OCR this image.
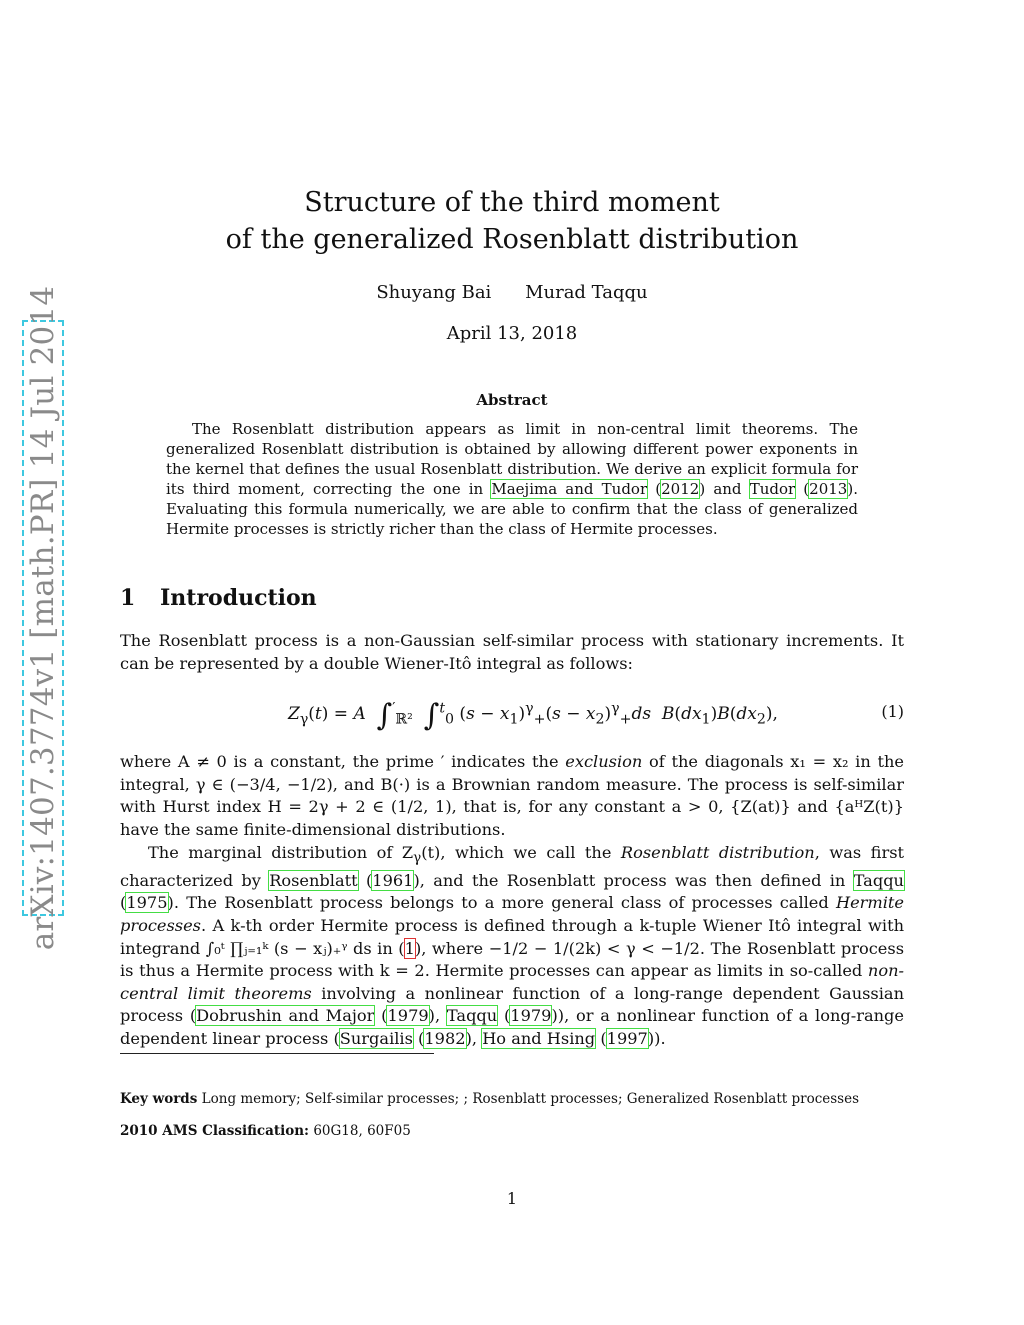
arXiv:1407.3774v1 [math.PR] 14 Jul 2014
Structure of the third moment
of the generalized Rosenblatt distribution
Shuyang Bai Murad Taqqu
April 13, 2018
Abstract

The Rosenblatt distribution appears as limit in non-central limit theorems. The generalized Rosenblatt distribution is obtained by allowing different power exponents in the kernel that defines the usual Rosenblatt distribution. We derive an explicit formula for its third moment, correcting the one in Maejima and Tudor (2012) and Tudor (2013). Evaluating this formula numerically, we are able to confirm that the class of generalized Hermite processes is strictly richer than the class of Hermite processes.

1 Introduction

The Rosenblatt process is a non-Gaussian self-similar process with stationary increments. It can be represented by a double Wiener-Itô integral as follows:

$Z_\gamma(t) = A$ $\int'_{ℝ^2}$ ∫$^t_0$ $(s - x_1)^\gamma_+(s - x_2)^\gamma_+ds$ $B(dx_1)B(dx_2)$,	(1)

where A ≠ 0 is a constant, the prime ′ indicates the exclusion of the diagonals x₁ = x₂ in the integral, γ ∈ (−3/4, −1/2), and B(·) is a Brownian random measure. The process is self-similar with Hurst index H = 2γ + 2 ∈ (1/2, 1), that is, for any constant a > 0, {Z(at)} and {aᴴZ(t)} have the same finite-dimensional distributions.

The marginal distribution of $Z_\gamma(t)$, which we call the Rosenblatt distribution, was first characterized by Rosenblatt (1961), and the Rosenblatt process was then defined in Taqqu (1975). The Rosenblatt process belongs to a more general class of processes called Hermite processes. A k-th order Hermite process is defined through a k-tuple Wiener Itô integral with integrand ∫₀ᵗ ∏ⱼ₌₁ᵏ (s − xⱼ)₊ᵞ ds in (1), where −1/2 − 1/(2k) < γ < −1/2. The Rosenblatt process is thus a Hermite process with k = 2. Hermite processes can appear as limits in so-called non-central limit theorems involving a nonlinear function of a long-range dependent Gaussian process (Dobrushin and Major (1979), Taqqu (1979)), or a nonlinear function of a long-range dependent linear process (Surgailis (1982), Ho and Hsing (1997)).

Key words Long memory; Self-similar processes; ; Rosenblatt processes; Generalized Rosenblatt processes
2010 AMS Classification: 60G18, 60F05
1
